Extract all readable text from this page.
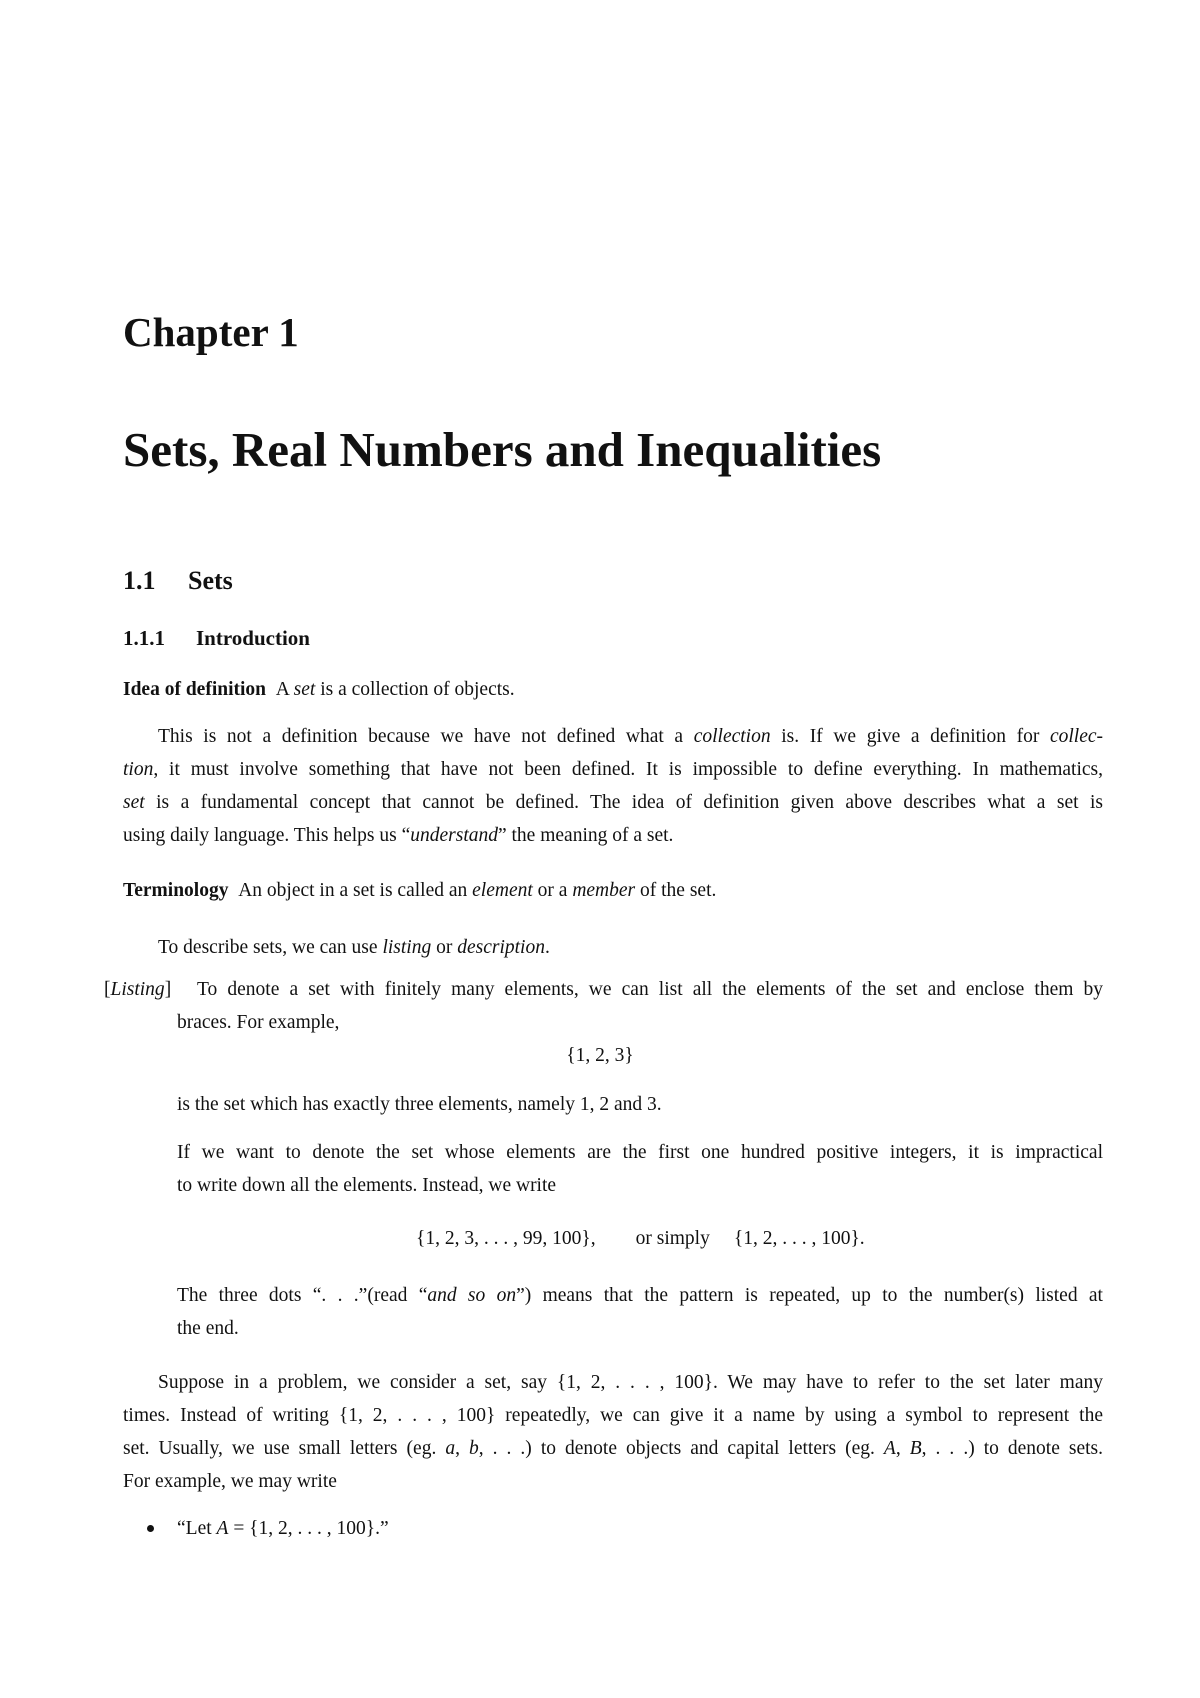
Chapter 1
Sets, Real Numbers and Inequalities
1.1 Sets
1.1.1 Introduction
Idea of definition A set is a collection of objects.
This is not a definition because we have not defined what a collection is. If we give a definition for collec-
tion, it must involve something that have not been defined. It is impossible to define everything. In mathematics,
set is a fundamental concept that cannot be defined. The idea of definition given above describes what a set is
using daily language. This helps us “understand” the meaning of a set.
Terminology An object in a set is called an element or a member of the set.
To describe sets, we can use listing or description.
[Listing] To denote a set with finitely many elements, we can list all the elements of the set and enclose them by
braces. For example,
{1, 2, 3}
is the set which has exactly three elements, namely 1, 2 and 3.
If we want to denote the set whose elements are the first one hundred positive integers, it is impractical
to write down all the elements. Instead, we write
{1, 2, 3, . . . , 99, 100}, or simply {1, 2, . . . , 100}.
The three dots “. . .”(read “and so on”) means that the pattern is repeated, up to the number(s) listed at
the end.
Suppose in a problem, we consider a set, say {1, 2, . . . , 100}. We may have to refer to the set later many
times. Instead of writing {1, 2, . . . , 100} repeatedly, we can give it a name by using a symbol to represent the
set. Usually, we use small letters (eg. a, b, . . .) to denote objects and capital letters (eg. A, B, . . .) to denote sets.
For example, we may write
“Let A = {1, 2, . . . , 100}.”
